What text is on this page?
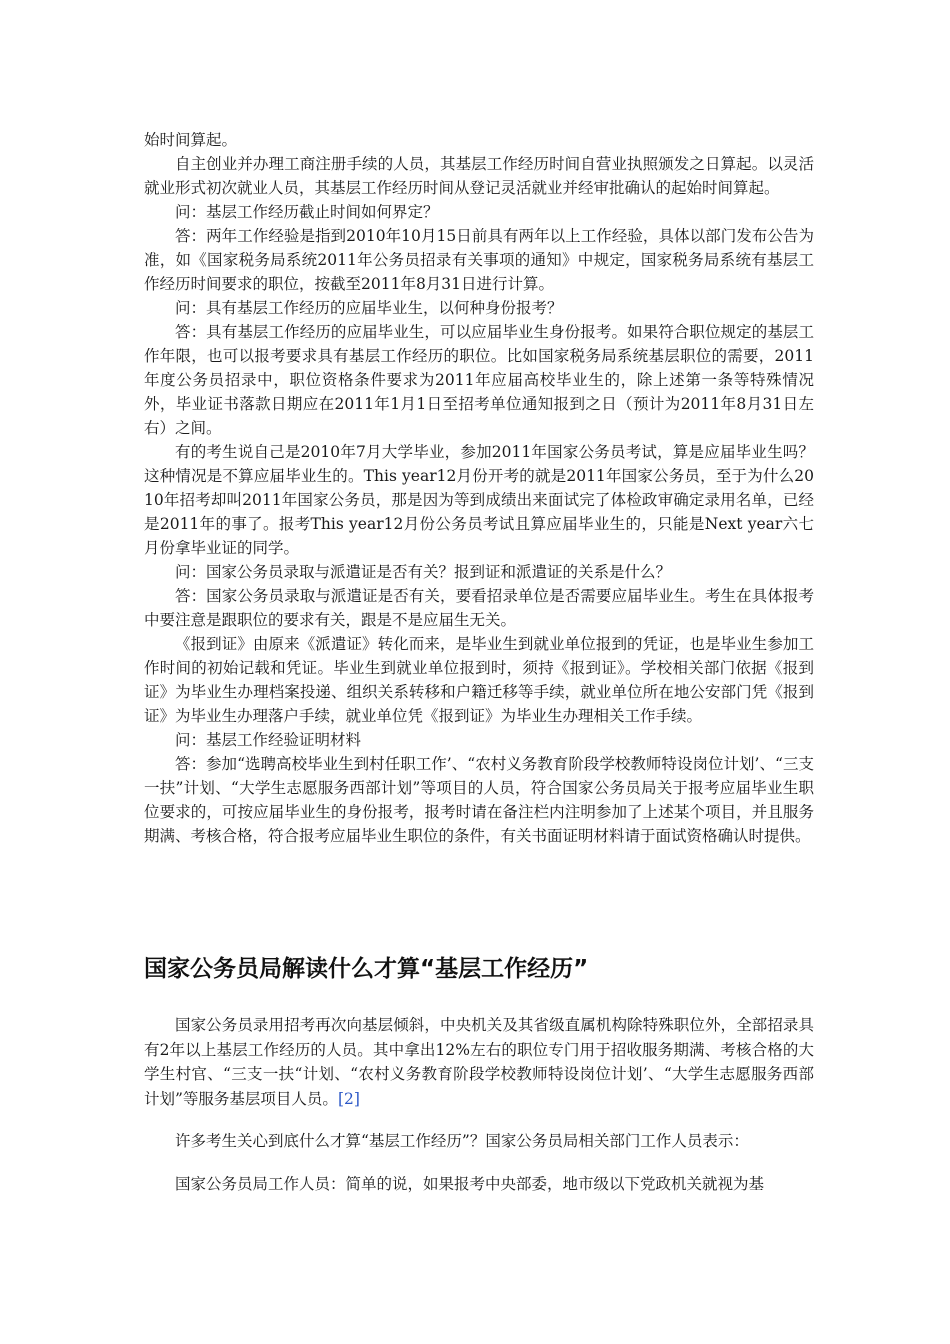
始时间算起。

自主创业并办理工商注册手续的人员，其基层工作经历时间自营业执照颁发之日算起。以灵活就业形式初次就业人员，其基层工作经历时间从登记灵活就业并经审批确认的起始时间算起。

问：基层工作经历截止时间如何界定？

答：两年工作经验是指到2010年10月15日前具有两年以上工作经验，具体以部门发布公告为准，如《国家税务局系统2011年公务员招录有关事项的通知》中规定，国家税务局系统有基层工作经历时间要求的职位，按截至2011年8月31日进行计算。

问：具有基层工作经历的应届毕业生，以何种身份报考？

答：具有基层工作经历的应届毕业生，可以应届毕业生身份报考。如果符合职位规定的基层工作年限，也可以报考要求具有基层工作经历的职位。比如国家税务局系统基层职位的需要，2011年度公务员招录中，职位资格条件要求为2011年应届高校毕业生的，除上述第一条等特殊情况外，毕业证书落款日期应在2011年1月1日至招考单位通知报到之日（预计为2011年8月31日左右）之间。

有的考生说自己是2010年7月大学毕业，参加2011年国家公务员考试，算是应届毕业生吗？这种情况是不算应届毕业生的。This year12月份开考的就是2011年国家公务员，至于为什么2010年招考却叫2011年国家公务员，那是因为等到成绩出来面试完了体检政审确定录用名单，已经是2011年的事了。报考This year12月份公务员考试且算应届毕业生的，只能是Next year六七月份拿毕业证的同学。

问：国家公务员录取与派遣证是否有关？报到证和派遣证的关系是什么？

答：国家公务员录取与派遣证是否有关，要看招录单位是否需要应届毕业生。考生在具体报考中要注意是跟职位的要求有关，跟是不是应届生无关。

《报到证》由原来《派遣证》转化而来，是毕业生到就业单位报到的凭证，也是毕业生参加工作时间的初始记载和凭证。毕业生到就业单位报到时，须持《报到证》。学校相关部门依据《报到证》为毕业生办理档案投递、组织关系转移和户籍迁移等手续，就业单位所在地公安部门凭《报到证》为毕业生办理落户手续，就业单位凭《报到证》为毕业生办理相关工作手续。

问：基层工作经验证明材料

答：参加“选聘高校毕业生到村任职工作’、“农村义务教育阶段学校教师特设岗位计划’、“三支一扶”计划、“大学生志愿服务西部计划”等项目的人员，符合国家公务员局关于报考应届毕业生职位要求的，可按应届毕业生的身份报考，报考时请在备注栏内注明参加了上述某个项目，并且服务期满、考核合格，符合报考应届毕业生职位的条件，有关书面证明材料请于面试资格确认时提供。

国家公务员局解读什么才算“基层工作经历”

国家公务员录用招考再次向基层倾斜，中央机关及其省级直属机构除特殊职位外，全部招录具有2年以上基层工作经历的人员。其中拿出12%左右的职位专门用于招收服务期满、考核合格的大学生村官、“三支一扶“计划、“农村义务教育阶段学校教师特设岗位计划’、“大学生志愿服务西部计划”等服务基层项目人员。[2]

许多考生关心到底什么才算“基层工作经历”？国家公务员局相关部门工作人员表示：

国家公务员局工作人员：简单的说，如果报考中央部委，地市级以下党政机关就视为基
